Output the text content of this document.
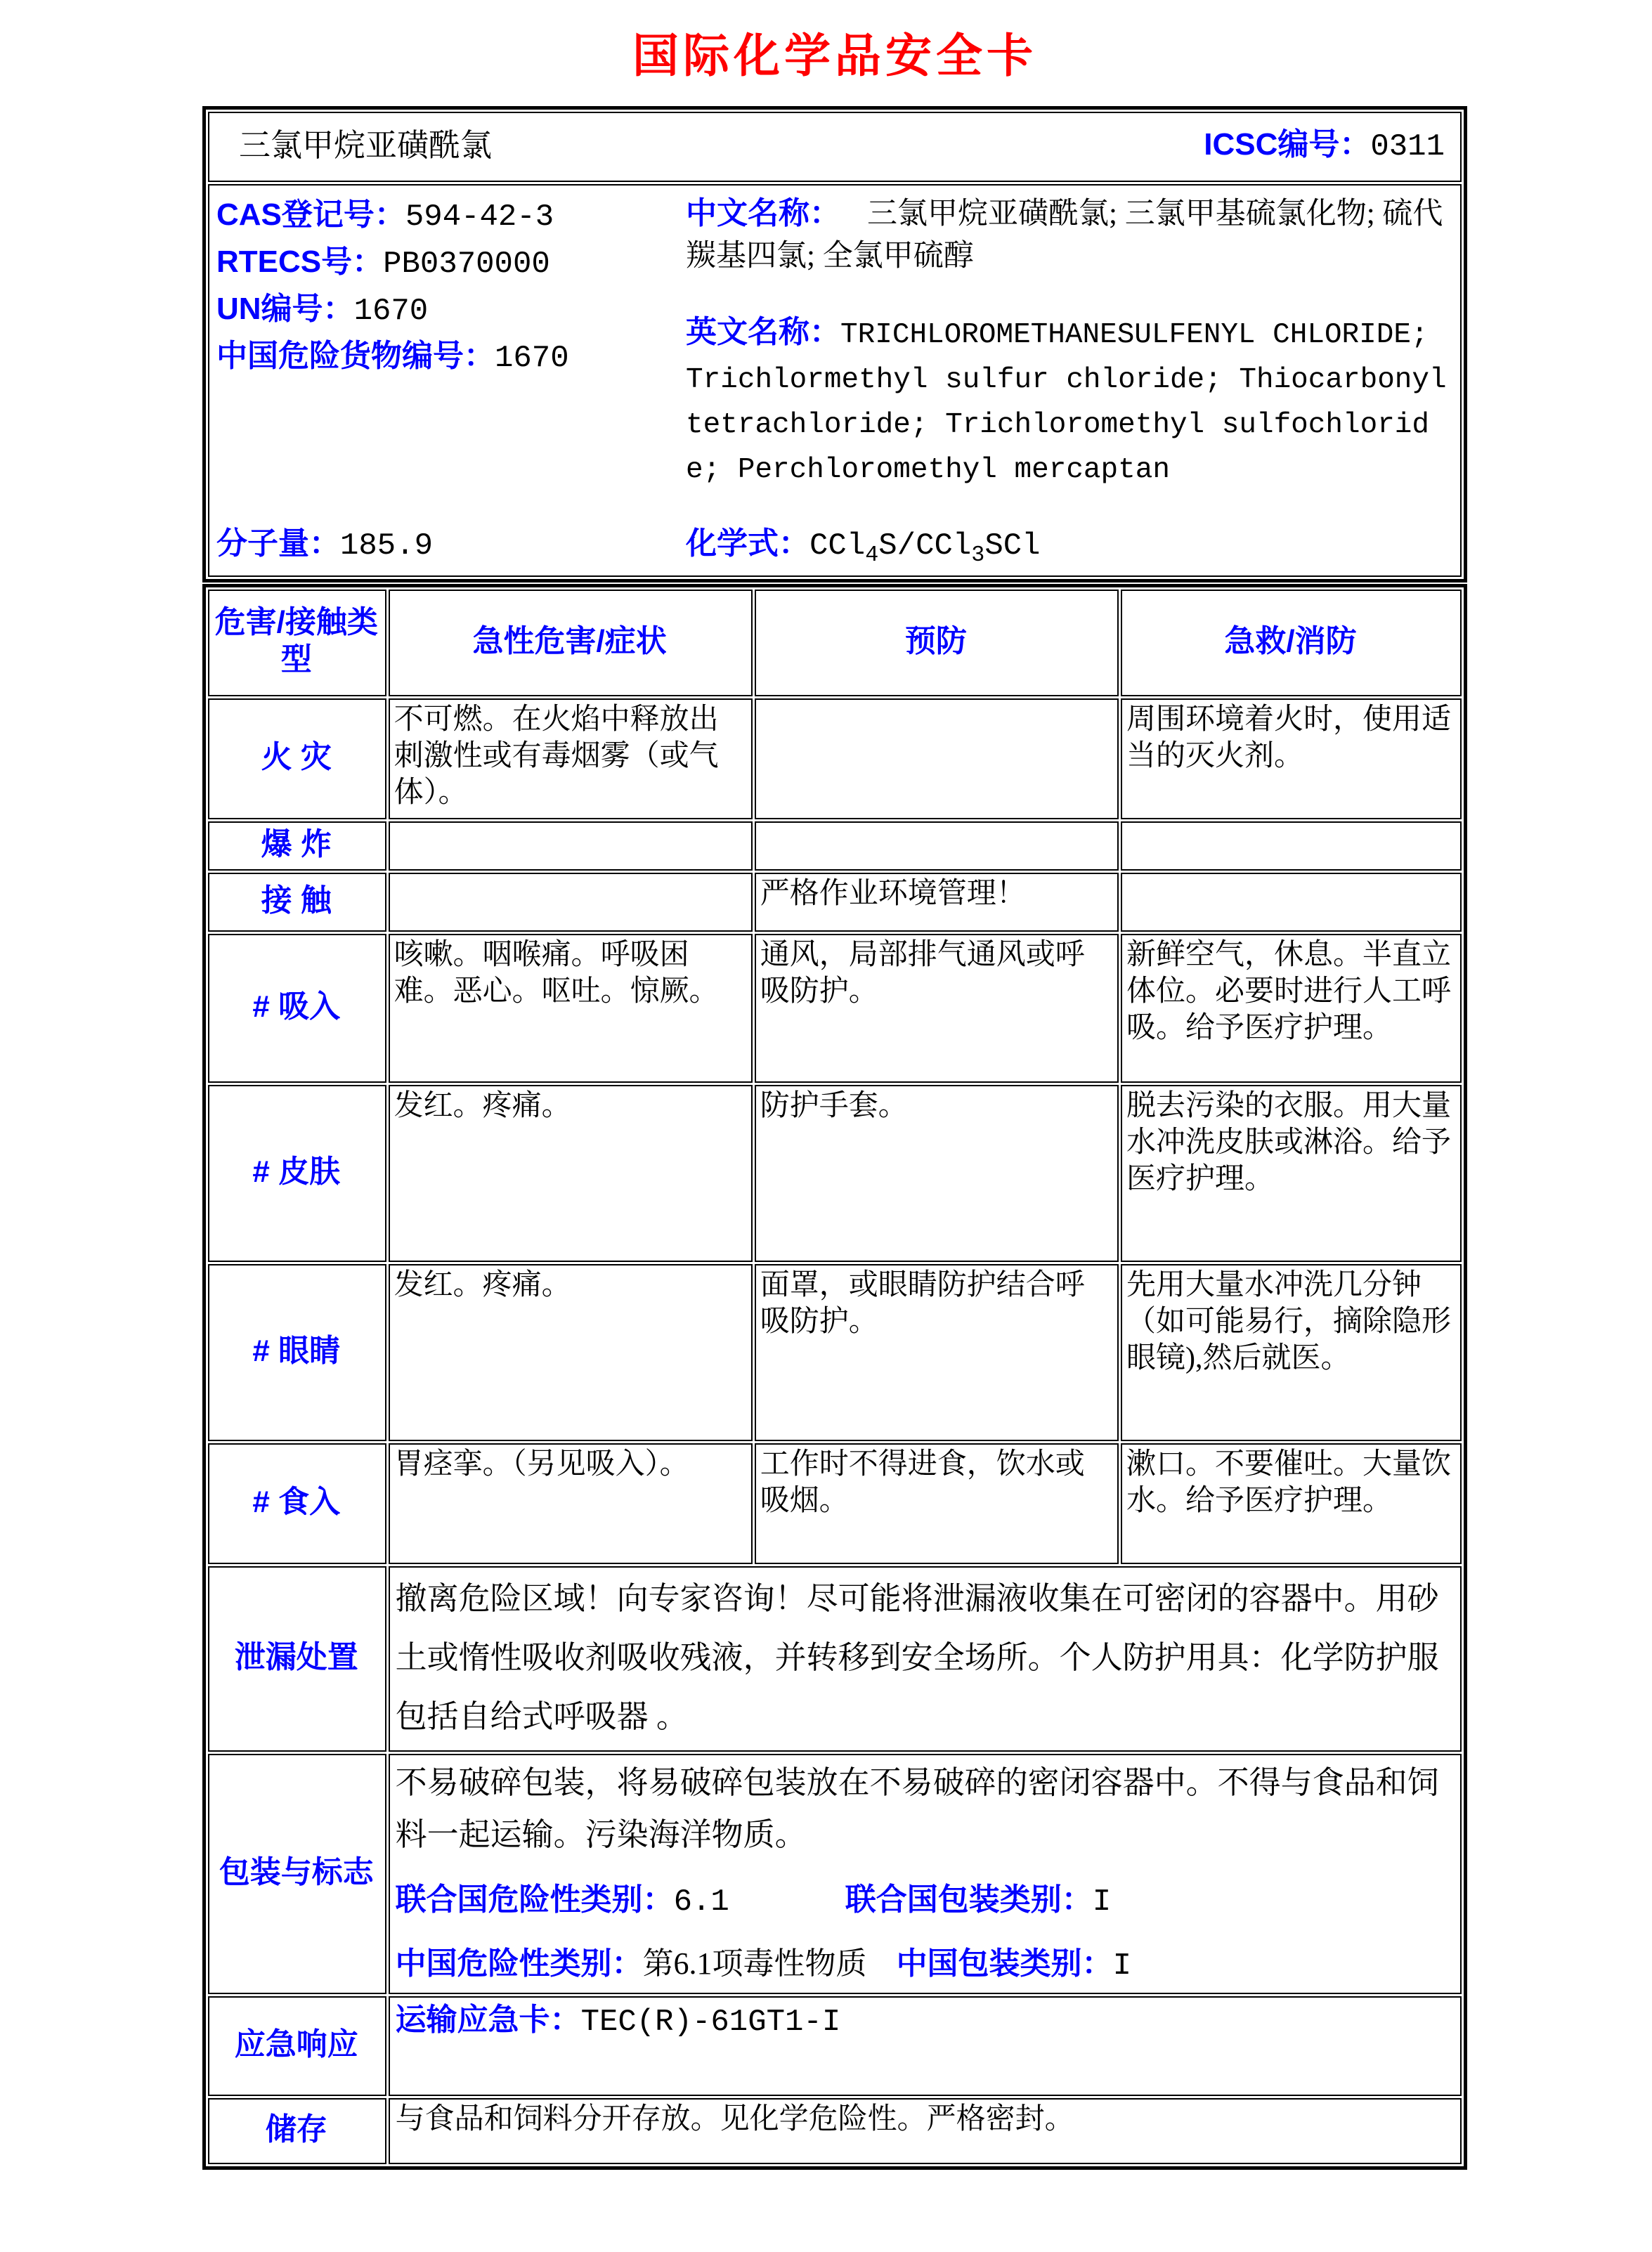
国际化学品安全卡
三氯甲烷亚磺酰氯	ICSC编号：0311

CAS登记号：594-42-3
RTECS号：PB0370000
UN编号：1670
中国危险货物编号：1670
分子量：185.9
中文名称： 三氯甲烷亚磺酰氯; 三氯甲基硫氯化物; 硫代羰基四氯; 全氯甲硫醇
英文名称：TRICHLOROMETHANESULFENYL CHLORIDE; Trichlormethyl sulfur chloride; Thiocarbonyl tetrachloride; Trichloromethyl sulfochloride; Perchloromethyl mercaptan
化学式：CCl$_4$S/CCl$_3$SCl
危害/接触类型	急性危害/症状	预防	急救/消防
火 灾	不可燃。在火焰中释放出刺激性或有毒烟雾（或气体）。		周围环境着火时，使用适当的灭火剂。
爆 炸			
接 触		严格作业环境管理！	
# 吸入	咳嗽。咽喉痛。呼吸困难。恶心。呕吐。惊厥。	通风，局部排气通风或呼吸防护。	新鲜空气，休息。半直立体位。必要时进行人工呼吸。给予医疗护理。
# 皮肤	发红。疼痛。	防护手套。	脱去污染的衣服。用大量水冲洗皮肤或淋浴。给予医疗护理。
# 眼睛	发红。疼痛。	面罩，或眼睛防护结合呼吸防护。	先用大量水冲洗几分钟（如可能易行，摘除隐形眼镜),然后就医。
# 食入	胃痉挛。（另见吸入）。	工作时不得进食，饮水或吸烟。	漱口。不要催吐。大量饮水。给予医疗护理。
泄漏处置	撤离危险区域！向专家咨询！尽可能将泄漏液收集在可密闭的容器中。用砂土或惰性吸收剂吸收残液，并转移到安全场所。个人防护用具：化学防护服包括自给式呼吸器 。		

包装与标志	不易破碎包装，将易破碎包装放在不易破碎的密闭容器中。不得与食品和饲料一起运输。污染海洋物质。
联合国危险性类别：6.1 联合国包装类别：I
中国危险性类别：第6.1项毒性物质 中国包装类别：I		

应急响应	运输应急卡：TEC(R)-61GT1-I		

储存	与食品和饲料分开存放。见化学危险性。严格密封。		
